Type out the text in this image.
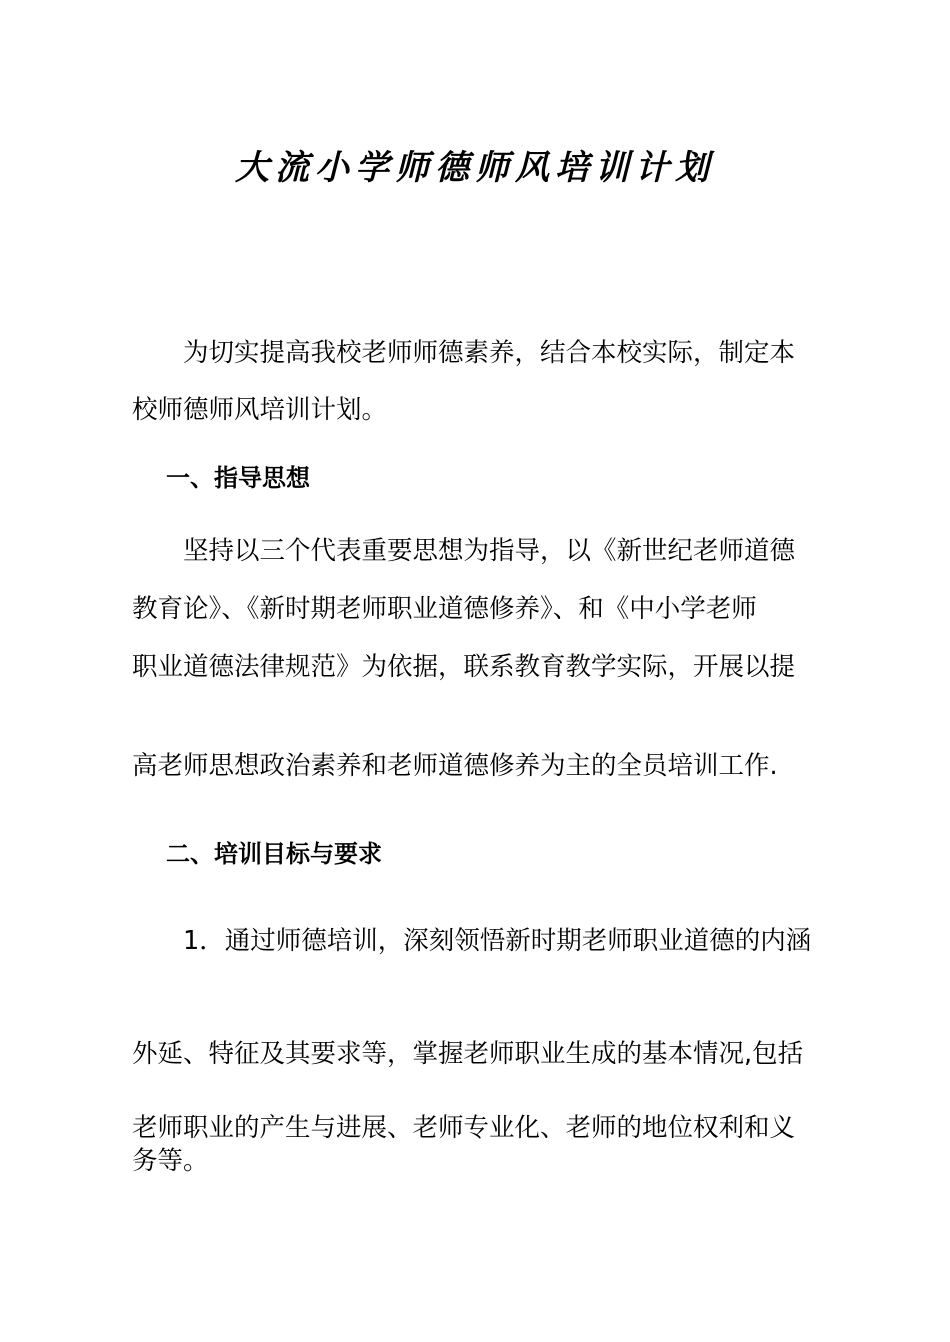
大流小学师德师风培训计划
为切实提高我校老师师德素养，结合本校实际，制定本
校师德师风培训计划。
一、指导思想
坚持以三个代表重要思想为指导，以《新世纪老师道德
教育论》、《新时期老师职业道德修养》、和《中小学老师
职业道德法律规范》为依据，联系教育教学实际，开展以提
高老师思想政治素养和老师道德修养为主的全员培训工作.
二、培训目标与要求
1．通过师德培训，深刻领悟新时期老师职业道德的内涵
外延、特征及其要求等，掌握老师职业生成的基本情况,包括
老师职业的产生与进展、老师专业化、老师的地位权利和义
务等。
